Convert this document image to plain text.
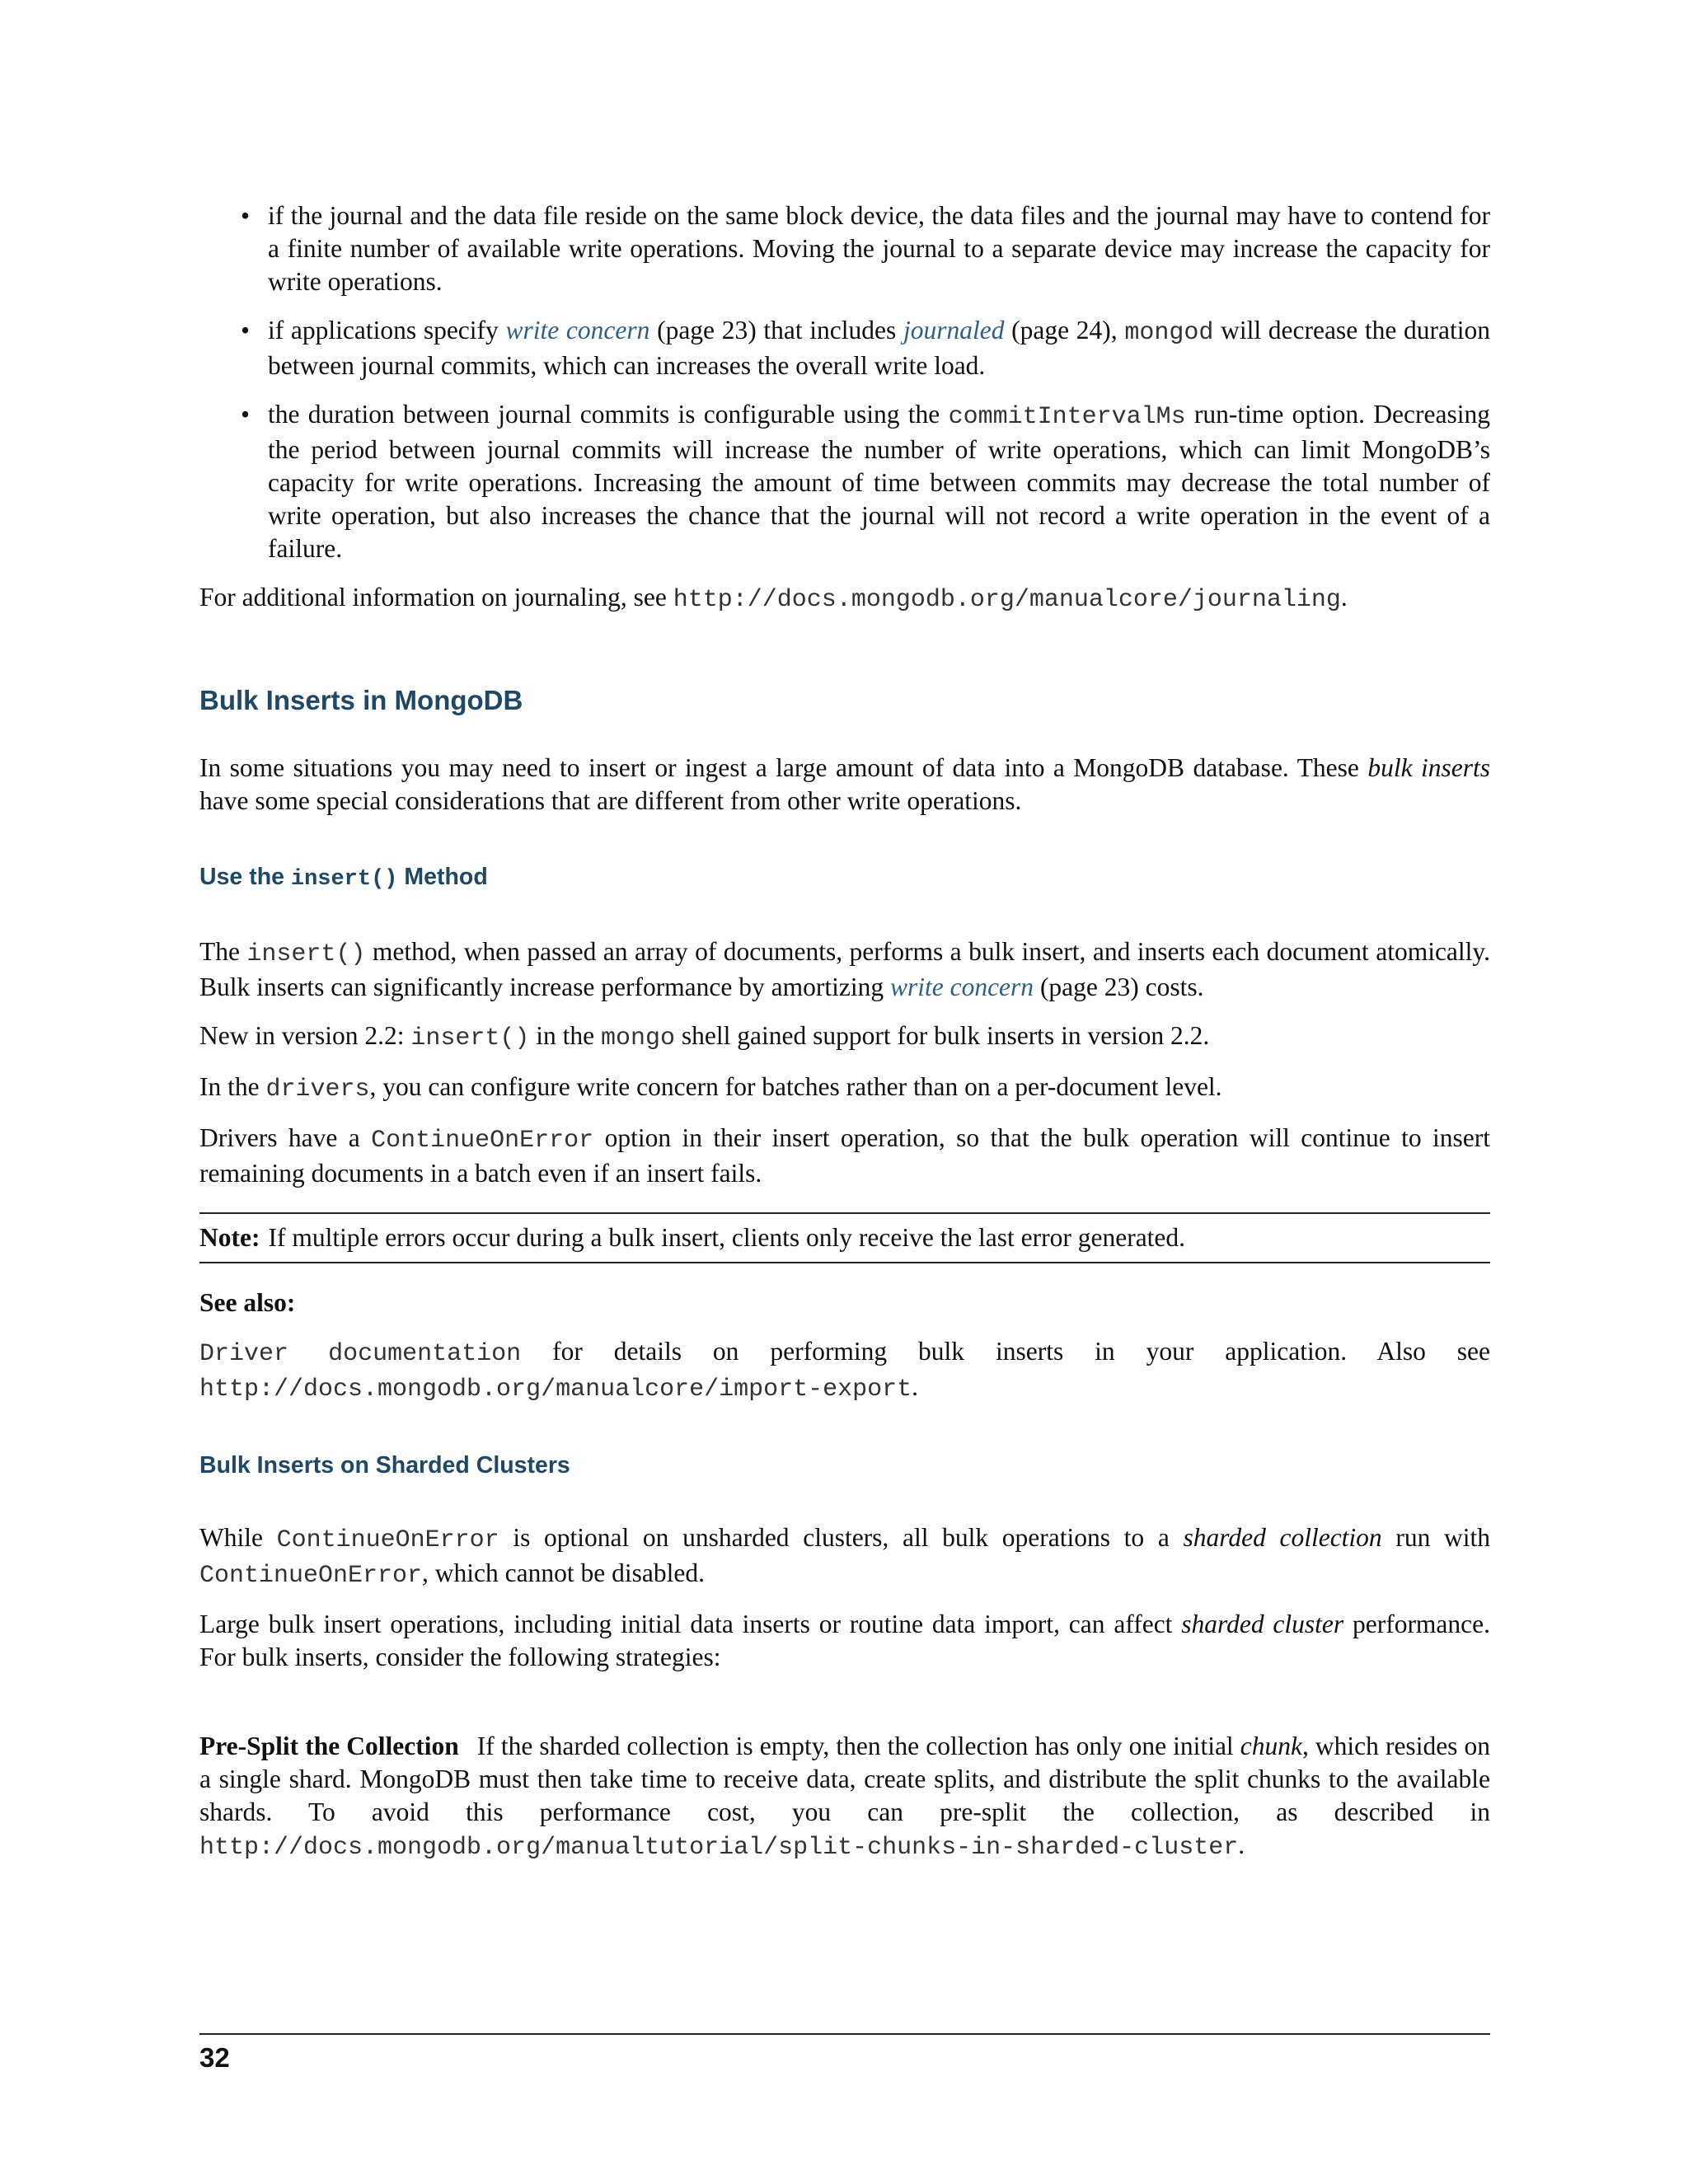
• if the journal and the data file reside on the same block device, the data files and the journal may have to contend for a finite number of available write operations. Moving the journal to a separate device may increase the capacity for write operations.
• if applications specify write concern (page 23) that includes journaled (page 24), mongod will decrease the duration between journal commits, which can increases the overall write load.
• the duration between journal commits is configurable using the commitIntervalMs run-time option. Decreasing the period between journal commits will increase the number of write operations, which can limit MongoDB’s capacity for write operations. Increasing the amount of time between commits may decrease the total number of write operation, but also increases the chance that the journal will not record a write operation in the event of a failure.

For additional information on journaling, see http://docs.mongodb.org/manualcore/journaling.

Bulk Inserts in MongoDB

In some situations you may need to insert or ingest a large amount of data into a MongoDB database. These bulk inserts have some special considerations that are different from other write operations.

Use the insert() Method

The insert() method, when passed an array of documents, performs a bulk insert, and inserts each document atomically. Bulk inserts can significantly increase performance by amortizing write concern (page 23) costs.

New in version 2.2: insert() in the mongo shell gained support for bulk inserts in version 2.2.

In the drivers, you can configure write concern for batches rather than on a per-document level.

Drivers have a ContinueOnError option in their insert operation, so that the bulk operation will continue to insert remaining documents in a batch even if an insert fails.

Note: If multiple errors occur during a bulk insert, clients only receive the last error generated.
See also:

Driver documentation for details on performing bulk inserts in your application. Also see http://docs.mongodb.org/manualcore/import-export.

Bulk Inserts on Sharded Clusters

While ContinueOnError is optional on unsharded clusters, all bulk operations to a sharded collection run with ContinueOnError, which cannot be disabled.

Large bulk insert operations, including initial data inserts or routine data import, can affect sharded cluster performance. For bulk inserts, consider the following strategies:

Pre-Split the Collection If the sharded collection is empty, then the collection has only one initial chunk, which resides on a single shard. MongoDB must then take time to receive data, create splits, and distribute the split chunks to the available shards. To avoid this performance cost, you can pre-split the collection, as described in http://docs.mongodb.org/manualtutorial/split-chunks-in-sharded-cluster.

32
